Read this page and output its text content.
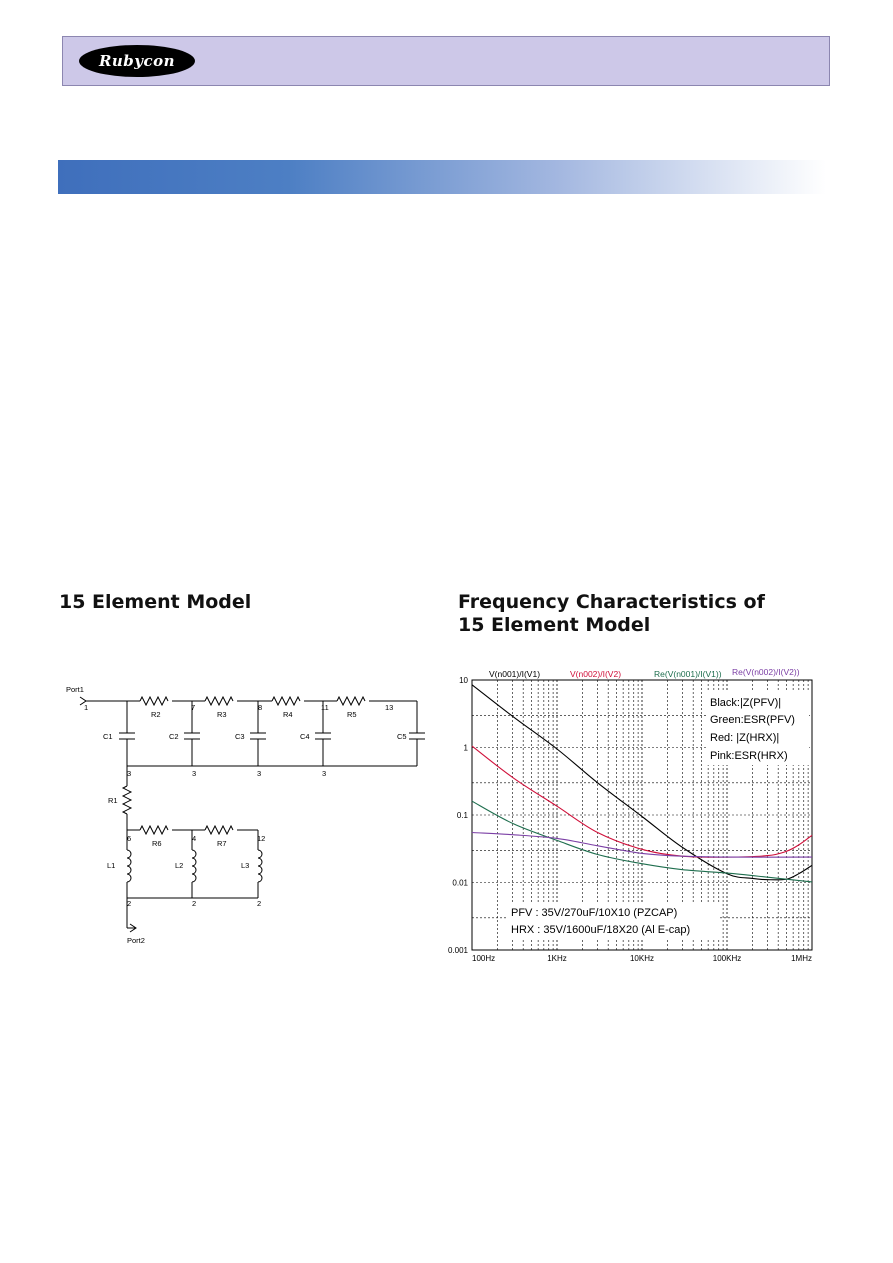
Rubycon
15 Element Model	Frequency Characteristics of
15 Element Model
Port1
Port2
R2	R3	R4	R5
R1
R6	R7
C1	C2	C3	C4	C5
L1	L2	L3
1	7	8	11	13
3	3	3	3
6	4	12
2	2	2
100Hz	1KHz	10KHz	100KHz	1MHz
10
1
0.1
0.01
0.001
V(n001)/I(V1)	V(n002)/I(V2)	Re(V(n001)/I(V1)) Re(V(n002)/I(V2))
Black:|Z(PFV)|
Green:ESR(PFV)
Red: |Z(HRX)|
Pink:ESR(HRX)
PFV : 35V/270uF/10X10 (PZCAP)
HRX : 35V/1600uF/18X20 (Al E-cap)
